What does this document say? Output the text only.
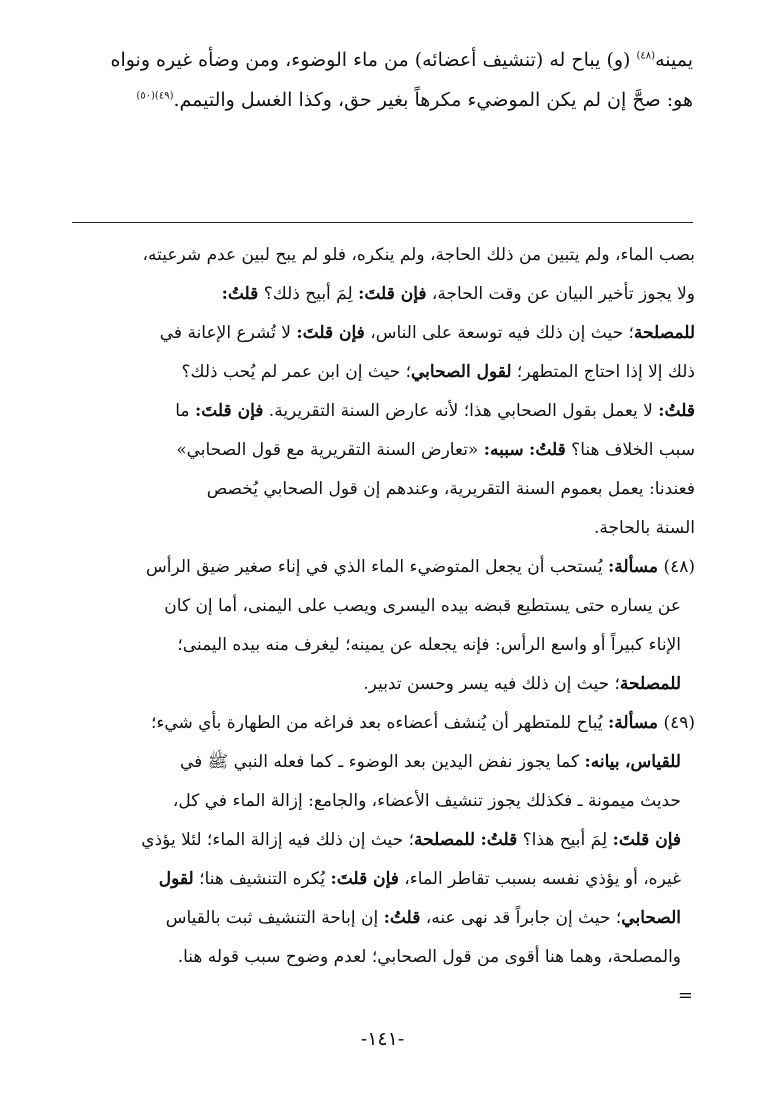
يمينه$^{(٤٨)}$ (و) يباح له (تنشيف أعضائه) من ماء الوضوء، ومن وضأه غيره ونواه

هو: صحَّ إن لم يكن الموضيء مكرهاً بغير حق، وكذا الغسل والتيمم.$^{(٤٩)(٥٠)}$

بصب الماء، ولم يتبين من ذلك الحاجة، ولم ينكره، فلو لم يبح لبين عدم شرعيته،

ولا يجوز تأخير البيان عن وقت الحاجة، فإن قلتَ: لِمَ أبيح ذلك؟ قلتُ:

للمصلحة؛ حيث إن ذلك فيه توسعة على الناس، فإن قلتَ: لا تُشرع الإعانة في

ذلك إلا إذا احتاج المتطهر؛ لقول الصحابي؛ حيث إن ابن عمر لم يُحب ذلك؟

قلتُ: لا يعمل بقول الصحابي هذا؛ لأنه عارض السنة التقريرية. فإن قلتَ: ما

سبب الخلاف هنا؟ قلتُ: سببه: «تعارض السنة التقريرية مع قول الصحابي»

فعندنا: يعمل بعموم السنة التقريرية، وعندهم إن قول الصحابي يُخصص

السنة بالحاجة.

(٤٨) مسألة: يُستحب أن يجعل المتوضيء الماء الذي في إناء صغير ضيق الرأس

عن يساره حتى يستطيع قبضه بيده اليسرى ويصب على اليمنى، أما إن كان

الإناء كبيراً أو واسع الرأس: فإنه يجعله عن يمينه؛ ليغرف منه بيده اليمنى؛

للمصلحة؛ حيث إن ذلك فيه يسر وحسن تدبير.

(٤٩) مسألة: يُباح للمتطهر أن يُنشف أعضاءه بعد فراغه من الطهارة بأي شيء؛

للقياس، بيانه: كما يجوز نفض اليدين بعد الوضوء ـ كما فعله النبي ﷺ في

حديث ميمونة ـ فكذلك يجوز تنشيف الأعضاء، والجامع: إزالة الماء في كل،

فإن قلتَ: لِمَ أبيح هذا؟ قلتُ: للمصلحة؛ حيث إن ذلك فيه إزالة الماء؛ لئلا يؤذي

غيره، أو يؤذي نفسه بسبب تقاطر الماء، فإن قلتَ: يُكره التنشيف هنا؛ لقول

الصحابي؛ حيث إن جابراً قد نهى عنه، قلتُ: إن إباحة التنشيف ثبت بالقياس

والمصلحة، وهما هنا أقوى من قول الصحابي؛ لعدم وضوح سبب قوله هنا.

=

-١٤١-
